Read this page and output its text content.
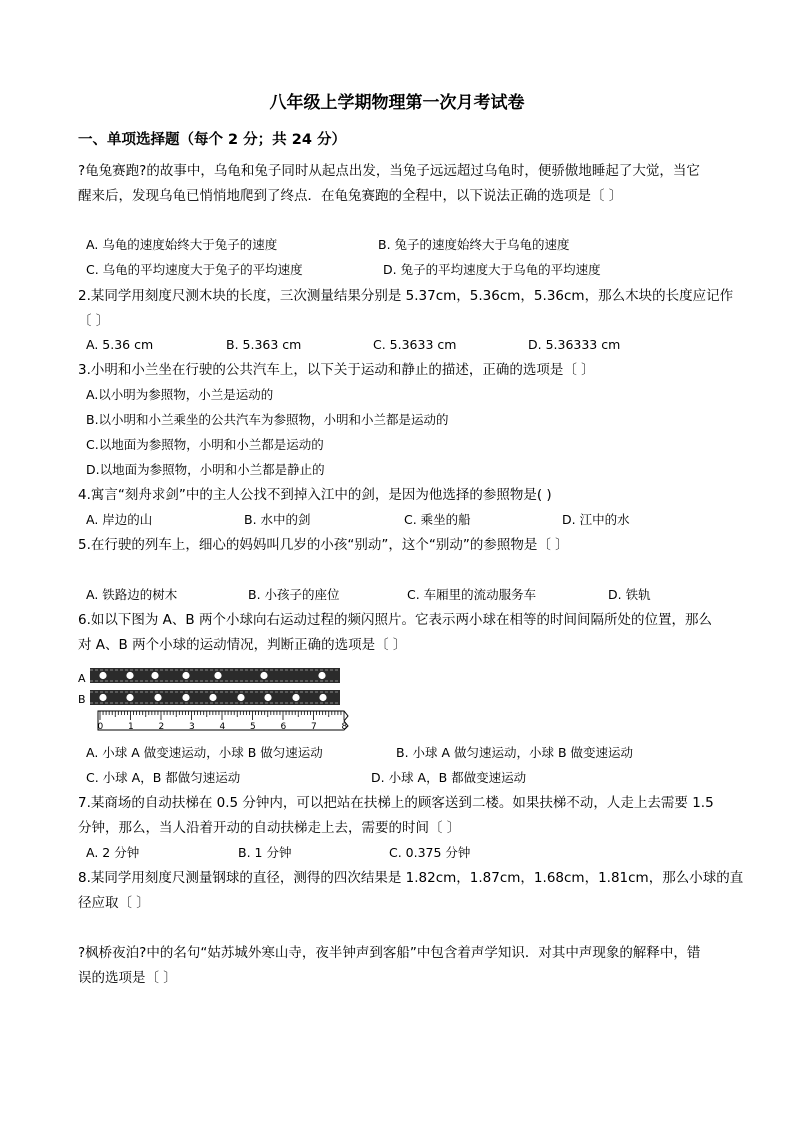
八年级上学期物理第一次月考试卷
一、单项选择题（每个 2 分；共 24 分）
?龟兔赛跑?的故事中，乌龟和兔子同时从起点出发，当兔子远远超过乌龟时，便骄傲地睡起了大觉，当它
醒来后，发现乌龟已悄悄地爬到了终点．在龟兔赛跑的全程中，以下说法正确的选项是〔 〕
A. 乌龟的速度始终大于兔子的速度	B. 兔子的速度始终大于乌龟的速度
C. 乌龟的平均速度大于兔子的平均速度	D. 兔子的平均速度大于乌龟的平均速度
2.某同学用刻度尺测木块的长度，三次测量结果分别是 5.37cm，5.36cm，5.36cm，那么木块的长度应记作
〔 〕
A. 5.36 cm	B. 5.363 cm	C. 5.3633 cm	D. 5.36333 cm
3.小明和小兰坐在行驶的公共汽车上，以下关于运动和静止的描述，正确的选项是〔 〕
A.以小明为参照物，小兰是运动的
B.以小明和小兰乘坐的公共汽车为参照物，小明和小兰都是运动的
C.以地面为参照物，小明和小兰都是运动的
D.以地面为参照物，小明和小兰都是静止的
4.寓言“刻舟求剑”中的主人公找不到掉入江中的剑，是因为他选择的参照物是( )
A. 岸边的山	B. 水中的剑	C. 乘坐的船	D. 江中的水
5.在行驶的列车上，细心的妈妈叫几岁的小孩“别动”，这个“别动”的参照物是〔 〕
A. 铁路边的树木	B. 小孩子的座位	C. 车厢里的流动服务车	D. 铁轨
6.如以下图为 A、B 两个小球向右运动过程的频闪照片。它表示两小球在相等的时间间隔所处的位置，那么
对 A、B 两个小球的运动情况，判断正确的选项是〔 〕
A
B
0	1	2	3	4	5	6	7	8
A. 小球 A 做变速运动，小球 B 做匀速运动	B. 小球 A 做匀速运动，小球 B 做变速运动
C. 小球 A，B 都做匀速运动	D. 小球 A，B 都做变速运动
7.某商场的自动扶梯在 0.5 分钟内，可以把站在扶梯上的顾客送到二楼。如果扶梯不动，人走上去需要 1.5
分钟，那么，当人沿着开动的自动扶梯走上去，需要的时间〔 〕
A. 2 分钟	B. 1 分钟	C. 0.375 分钟
8.某同学用刻度尺测量钢球的直径，测得的四次结果是 1.82cm，1.87cm，1.68cm，1.81cm，那么小球的直
径应取〔 〕
?枫桥夜泊?中的名句“姑苏城外寒山寺，夜半钟声到客船”中包含着声学知识．对其中声现象的解释中，错
误的选项是〔 〕
